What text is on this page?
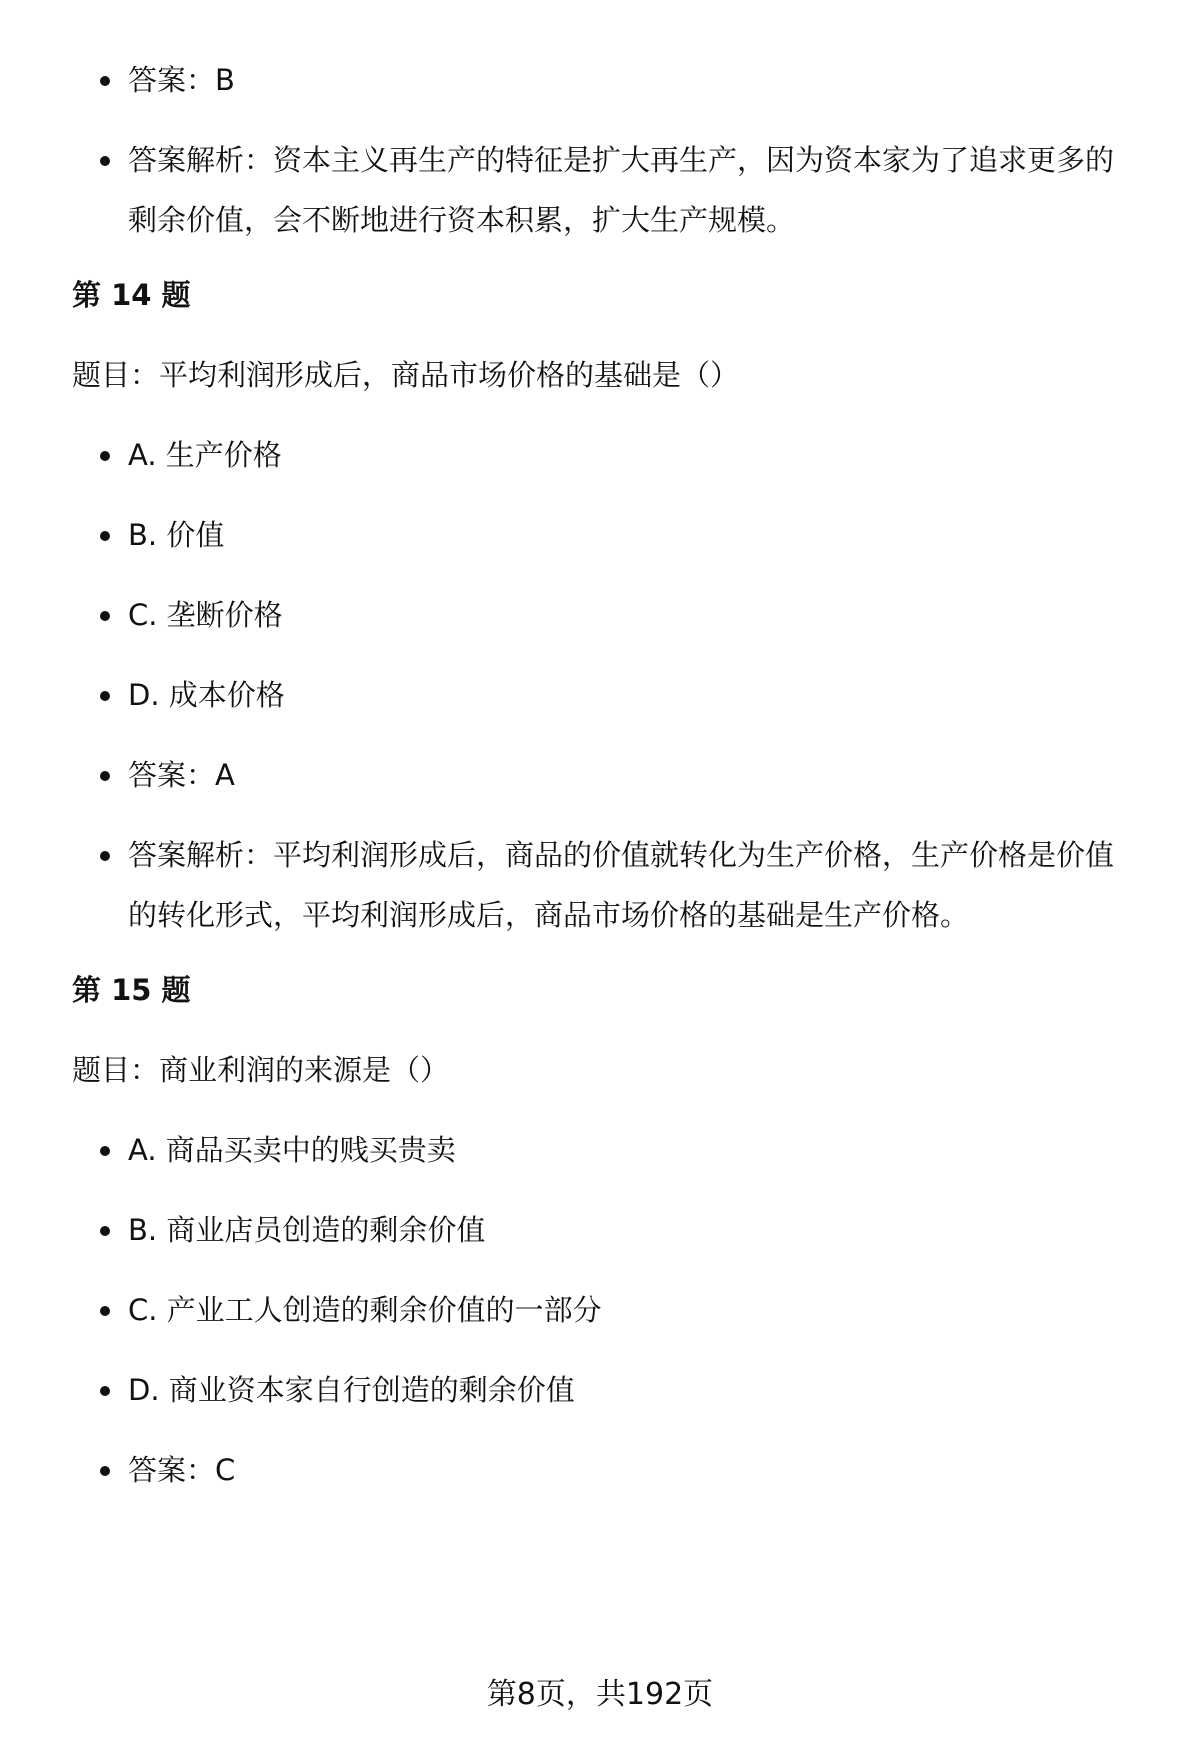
答案：B
答案解析：资本主义再生产的特征是扩大再生产，因为资本家为了追求更多的剩余价值，会不断地进行资本积累，扩大生产规模。
第 14 题
题目：平均利润形成后，商品市场价格的基础是（）
A. 生产价格
B. 价值
C. 垄断价格
D. 成本价格
答案：A
答案解析：平均利润形成后，商品的价值就转化为生产价格，生产价格是价值的转化形式，平均利润形成后，商品市场价格的基础是生产价格。
第 15 题
题目：商业利润的来源是（）
A. 商品买卖中的贱买贵卖
B. 商业店员创造的剩余价值
C. 产业工人创造的剩余价值的一部分
D. 商业资本家自行创造的剩余价值
答案：C
第8页，共192页
